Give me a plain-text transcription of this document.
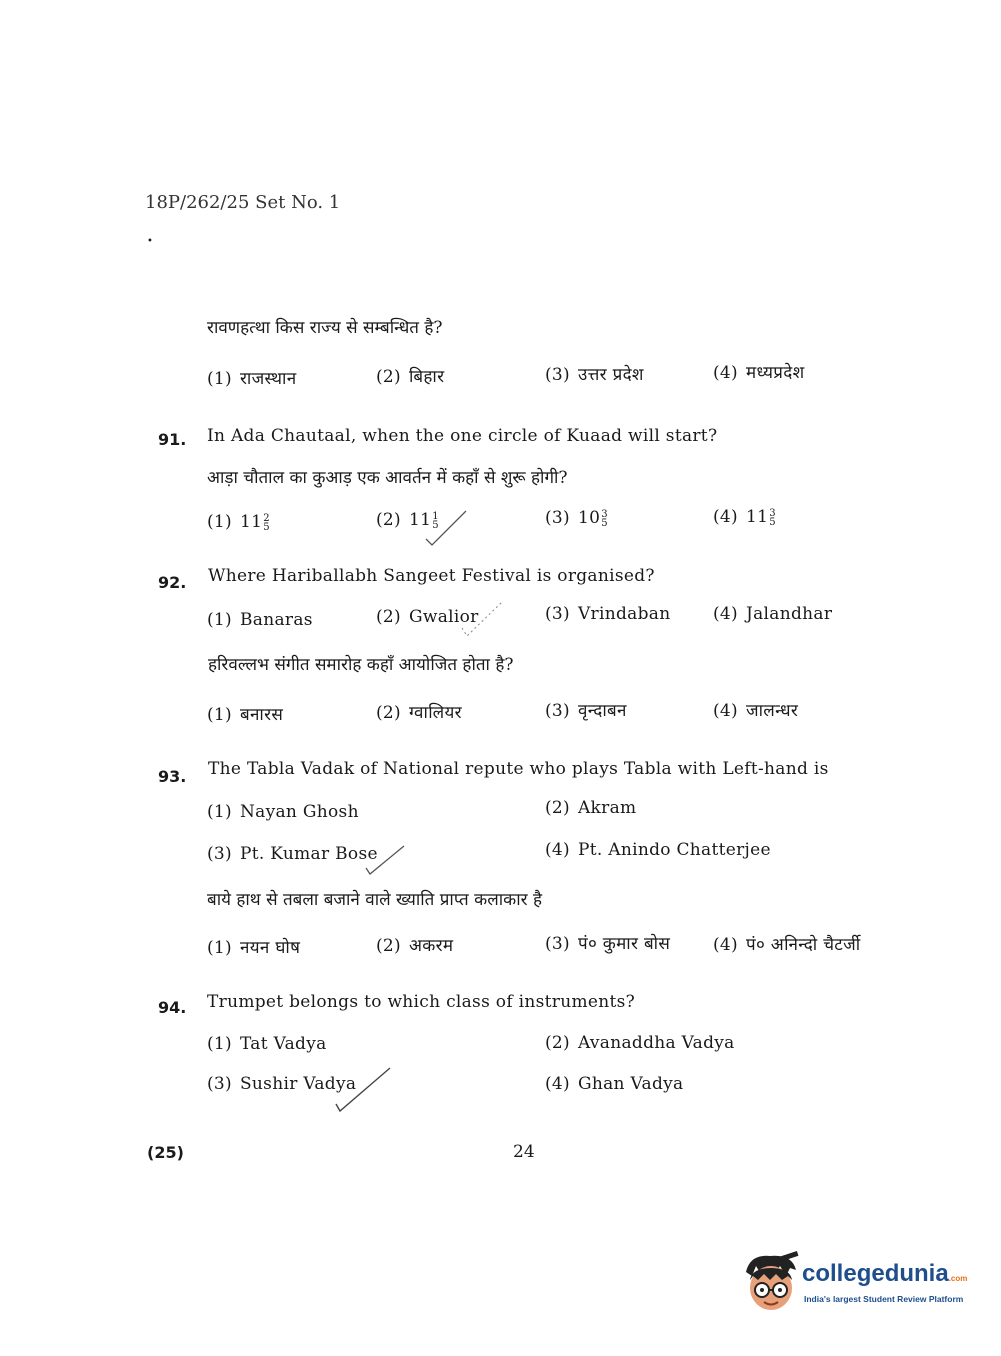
18P/262/25 Set No. 1
•
रावणहत्था किस राज्य से सम्बन्धित है?
(1) राजस्थान	(2) बिहार	(3) उत्तर प्रदेश	(4) मध्यप्रदेश
91. In Ada Chautaal, when the one circle of Kuaad will start?
आड़ा चौताल का कुआड़ एक आवर्तन में कहाँ से शुरू होगी?
(1) 11 2
5	(2) 11 1
5	(3) 10 3
5	(4) 11 3
5
92. Where Hariballabh Sangeet Festival is organised?
(1) Banaras	(2) Gwalior	(3) Vrindaban	(4) Jalandhar
हरिवल्लभ संगीत समारोह कहाँ आयोजित होता है?
(1) बनारस	(2) ग्वालियर	(3) वृन्दाबन	(4) जालन्धर
93. The Tabla Vadak of National repute who plays Tabla with Left-hand is
(1) Nayan Ghosh	(2) Akram
(3) Pt. Kumar Bose	(4) Pt. Anindo Chatterjee
बाये हाथ से तबला बजाने वाले ख्याति प्राप्त कलाकार है
(1) नयन घोष	(2) अकरम	(3) पं० कुमार बोस	(4) पं० अनिन्दो चैटर्जी
94. Trumpet belongs to which class of instruments?
(1) Tat Vadya	(2) Avanaddha Vadya
(3) Sushir Vadya	(4) Ghan Vadya
(25)	24
collegedunia.com
India's largest Student Review Platform
